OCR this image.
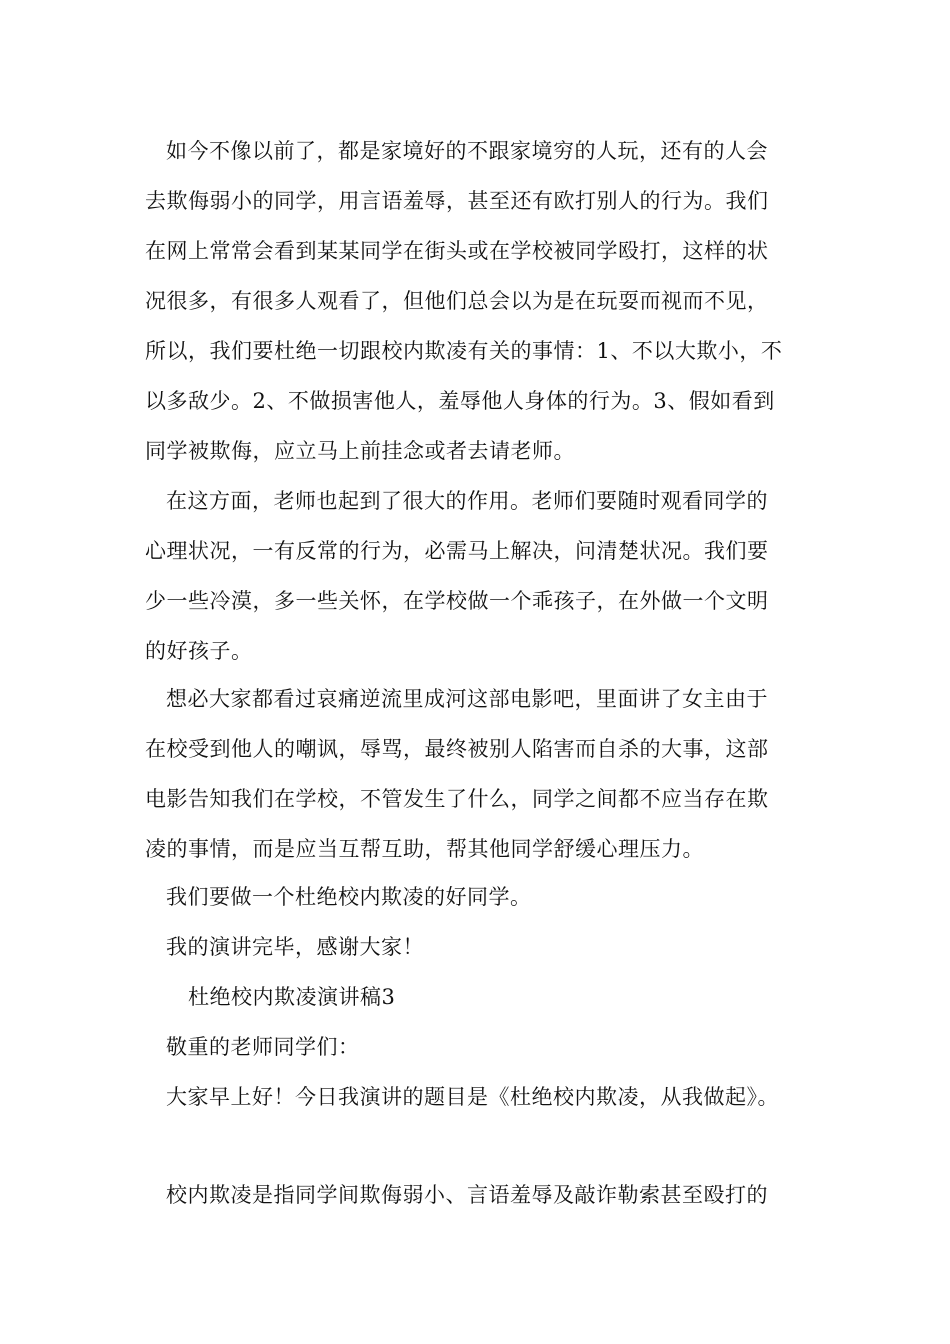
如今不像以前了，都是家境好的不跟家境穷的人玩，还有的人会
去欺侮弱小的同学，用言语羞辱，甚至还有欧打别人的行为。我们
在网上常常会看到某某同学在街头或在学校被同学殴打，这样的状
况很多，有很多人观看了，但他们总会以为是在玩耍而视而不见，
所以，我们要杜绝一切跟校内欺凌有关的事情：1、不以大欺小，不
以多敌少。2、不做损害他人，羞辱他人身体的行为。3、假如看到
同学被欺侮，应立马上前挂念或者去请老师。
在这方面，老师也起到了很大的作用。老师们要随时观看同学的
心理状况，一有反常的行为，必需马上解决，问清楚状况。我们要
少一些冷漠，多一些关怀，在学校做一个乖孩子，在外做一个文明
的好孩子。
想必大家都看过哀痛逆流里成河这部电影吧，里面讲了女主由于
在校受到他人的嘲讽，辱骂，最终被别人陷害而自杀的大事，这部
电影告知我们在学校，不管发生了什么，同学之间都不应当存在欺
凌的事情，而是应当互帮互助，帮其他同学舒缓心理压力。
我们要做一个杜绝校内欺凌的好同学。
我的演讲完毕，感谢大家！
杜绝校内欺凌演讲稿3
敬重的老师同学们：
大家早上好！今日我演讲的题目是《杜绝校内欺凌，从我做起》。
校内欺凌是指同学间欺侮弱小、言语羞辱及敲诈勒索甚至殴打的
